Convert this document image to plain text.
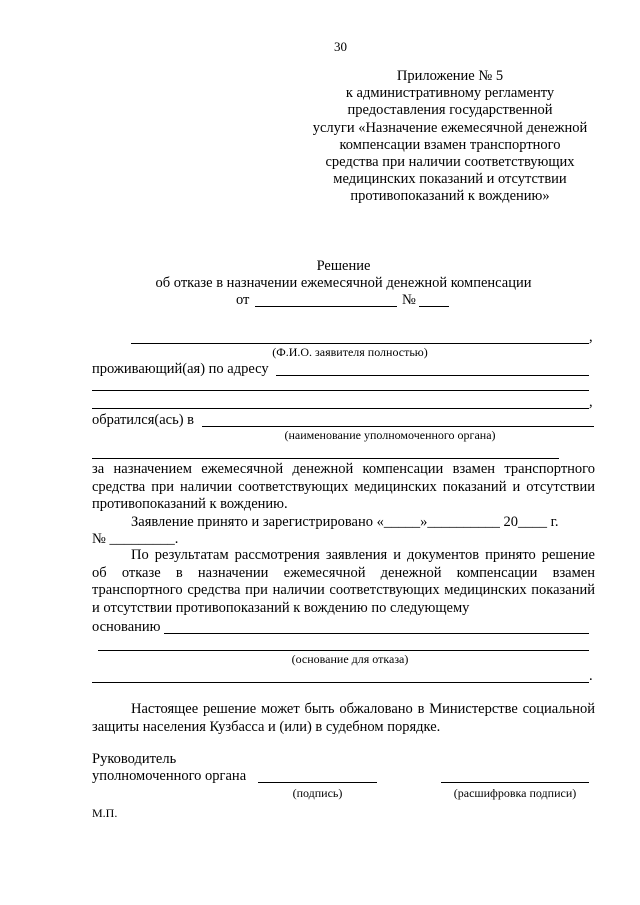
30
Приложение № 5
к административному регламенту
предоставления государственной
услуги «Назначение ежемесячной денежной
компенсации взамен транспортного
средства при наличии соответствующих
медицинских показаний и отсутствии
противопоказаний к вождению»
Решение
об отказе в назначении ежемесячной денежной компенсации
от	№
,
(Ф.И.О. заявителя полностью)
проживающий(ая) по адресу
,
обратился(ась) в
(наименование уполномоченного органа)
за назначением ежемесячной денежной компенсации взамен транспортного средства при наличии соответствующих медицинских показаний и отсутствии противопоказаний к вождению.
Заявление принято и зарегистрировано «_____»__________ 20____ г.
№ _________.
По результатам рассмотрения заявления и документов принято решение об отказе в назначении ежемесячной денежной компенсации взамен транспортного средства при наличии соответствующих медицинских показаний и отсутствии противопоказаний к вождению по следующему
основанию
(основание для отказа)
.
Настоящее решение может быть обжаловано в Министерстве социальной защиты населения Кузбасса и (или) в судебном порядке.
Руководитель
уполномоченного органа
(подпись)	(расшифровка подписи)
М.П.
